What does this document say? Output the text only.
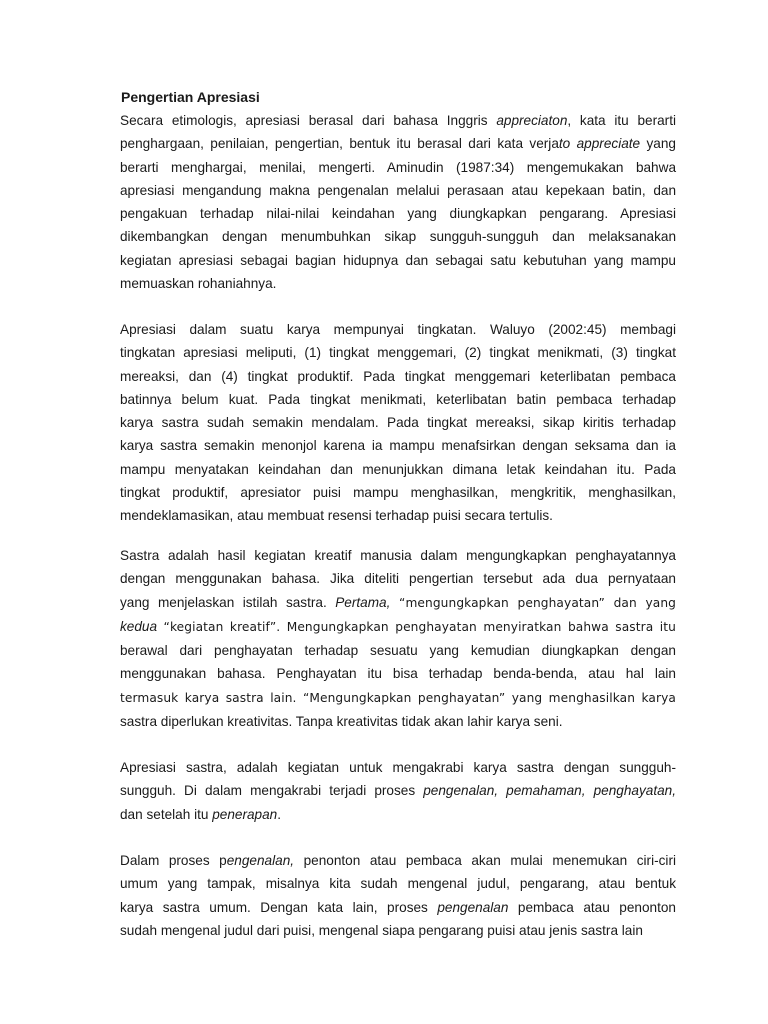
Pengertian Apresiasi

Secara etimologis, apresiasi berasal dari bahasa Inggris appreciaton, kata itu berarti
penghargaan, penilaian, pengertian, bentuk itu berasal dari kata verjato appreciate yang
berarti menghargai, menilai, mengerti. Aminudin (1987:34) mengemukakan bahwa
apresiasi mengandung makna pengenalan melalui perasaan atau kepekaan batin, dan
pengakuan terhadap nilai-nilai keindahan yang diungkapkan pengarang. Apresiasi
dikembangkan dengan menumbuhkan sikap sungguh-sungguh dan melaksanakan
kegiatan apresiasi sebagai bagian hidupnya dan sebagai satu kebutuhan yang mampu
memuaskan rohaniahnya.

Apresiasi dalam suatu karya mempunyai tingkatan. Waluyo (2002:45) membagi
tingkatan apresiasi meliputi, (1) tingkat menggemari, (2) tingkat menikmati, (3) tingkat
mereaksi, dan (4) tingkat produktif. Pada tingkat menggemari keterlibatan pembaca
batinnya belum kuat. Pada tingkat menikmati, keterlibatan batin pembaca terhadap
karya sastra sudah semakin mendalam. Pada tingkat mereaksi, sikap kiritis terhadap
karya sastra semakin menonjol karena ia mampu menafsirkan dengan seksama dan ia
mampu menyatakan keindahan dan menunjukkan dimana letak keindahan itu. Pada
tingkat produktif, apresiator puisi mampu menghasilkan, mengkritik, menghasilkan,
mendeklamasikan, atau membuat resensi terhadap puisi secara tertulis.

Sastra adalah hasil kegiatan kreatif manusia dalam mengungkapkan penghayatannya
dengan menggunakan bahasa. Jika diteliti pengertian tersebut ada dua pernyataan
yang menjelaskan istilah sastra. Pertama, “mengungkapkan penghayatan” dan yang
kedua “kegiatan kreatif”. Mengungkapkan penghayatan menyiratkan bahwa sastra itu
berawal dari penghayatan terhadap sesuatu yang kemudian diungkapkan dengan
menggunakan bahasa. Penghayatan itu bisa terhadap benda-benda, atau hal lain
termasuk karya sastra lain. “Mengungkapkan penghayatan” yang menghasilkan karya
sastra diperlukan kreativitas. Tanpa kreativitas tidak akan lahir karya seni.

Apresiasi sastra, adalah kegiatan untuk mengakrabi karya sastra dengan sungguh-
sungguh. Di dalam mengakrabi terjadi proses pengenalan, pemahaman, penghayatan,
dan setelah itu penerapan.

Dalam proses pengenalan, penonton atau pembaca akan mulai menemukan ciri-ciri
umum yang tampak, misalnya kita sudah mengenal judul, pengarang, atau bentuk
karya sastra umum. Dengan kata lain, proses pengenalan pembaca atau penonton
sudah mengenal judul dari puisi, mengenal siapa pengarang puisi atau jenis sastra lain
